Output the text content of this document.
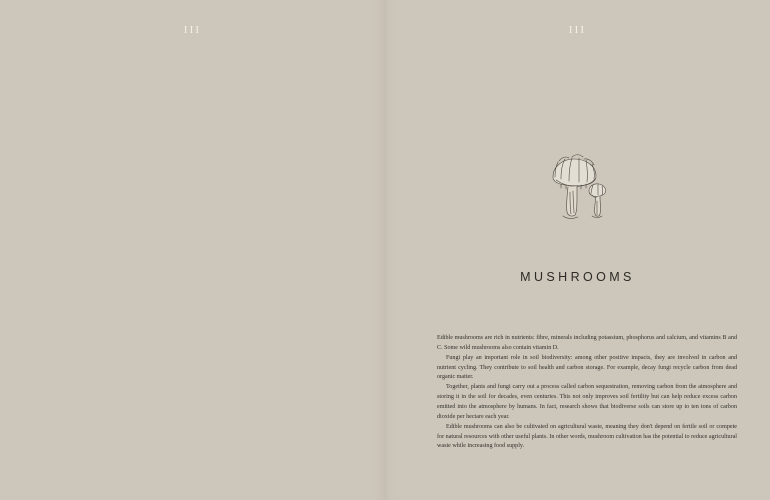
III	III
MUSHROOMS

Edible mushrooms are rich in nutrients: fibre, minerals including potassium, phosphorus and calcium, and vitamins B and C. Some wild mushrooms also contain vitamin D.

Fungi play an important role in soil biodiversity: among other positive impacts, they are involved in carbon and nutrient cycling. They contribute to soil health and carbon storage. For example, decay fungi recycle carbon from dead organic matter.

Together, plants and fungi carry out a process called carbon sequestration, removing carbon from the atmosphere and storing it in the soil for decades, even centuries. This not only improves soil fertility but can help reduce excess carbon emitted into the atmosphere by humans. In fact, research shows that biodiverse soils can store up to ten tons of carbon dioxide per hectare each year.

Edible mushrooms can also be cultivated on agricultural waste, meaning they don't depend on fertile soil or compete for natural resources with other useful plants. In other words, mushroom cultivation has the potential to reduce agricultural waste while increasing food supply.
